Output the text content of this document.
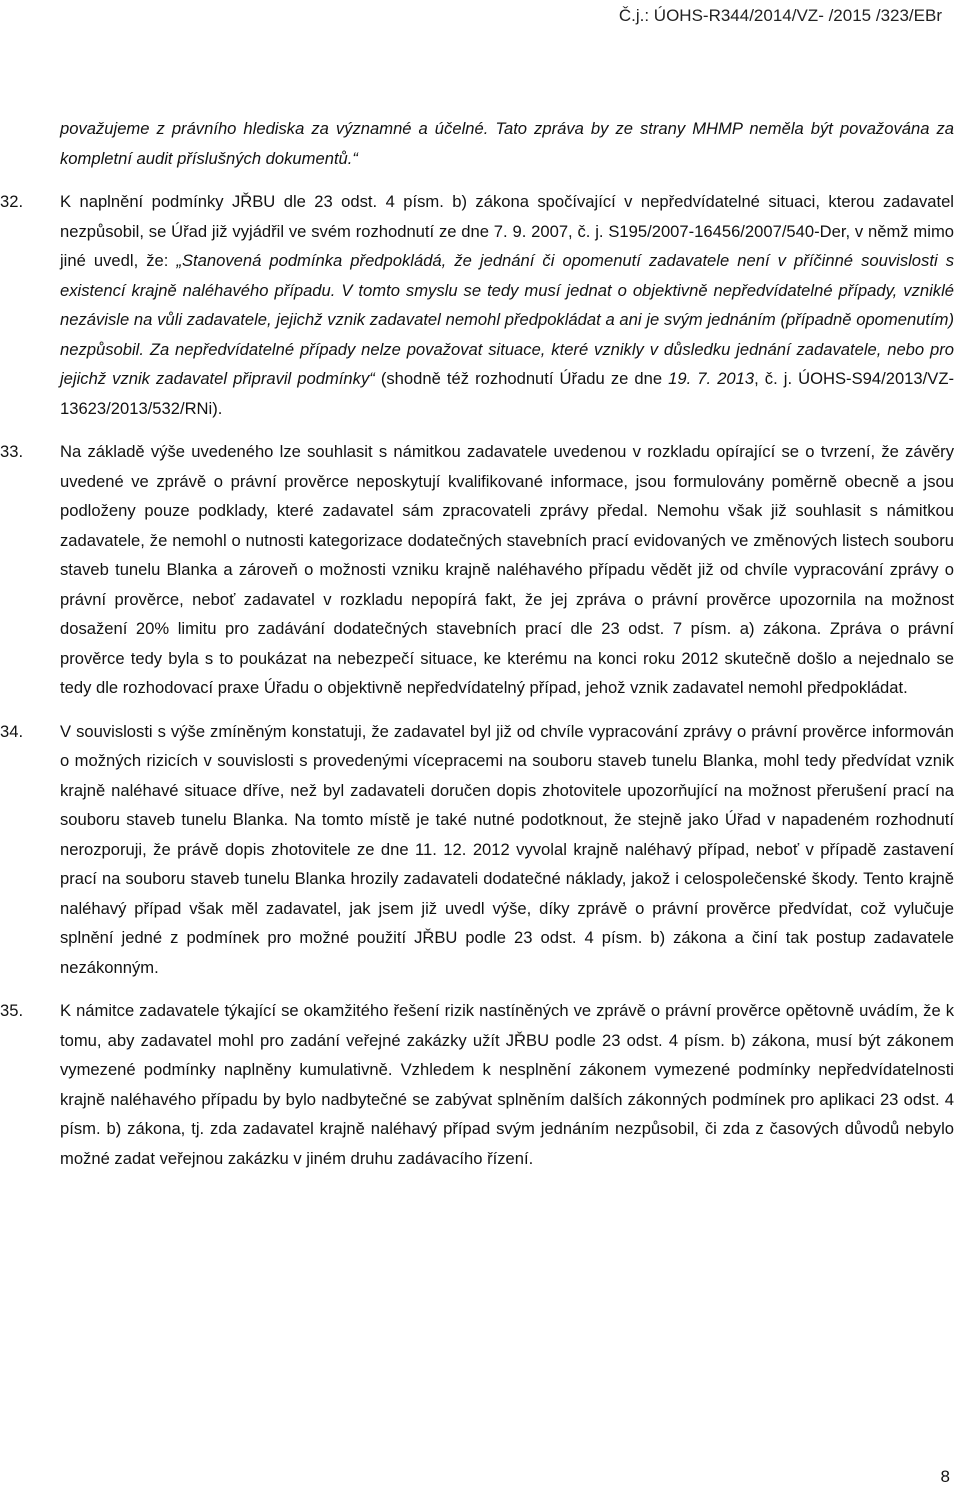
Č.j.: ÚOHS-R344/2014/VZ- /2015 /323/EBr
považujeme z právního hlediska za významné a účelné. Tato zpráva by ze strany MHMP neměla být považována za kompletní audit příslušných dokumentů.“
32.	K naplnění podmínky JŘBU dle 23 odst. 4 písm. b) zákona spočívající v nepředvídatelné situaci, kterou zadavatel nezpůsobil, se Úřad již vyjádřil ve svém rozhodnutí ze dne 7. 9. 2007, č. j. S195/2007-16456/2007/540-Der, v němž mimo jiné uvedl, že: „Stanovená podmínka předpokládá, že jednání či opomenutí zadavatele není v příčinné souvislosti s existencí krajně naléhavého případu. V tomto smyslu se tedy musí jednat o objektivně nepředvídatelné případy, vzniklé nezávisle na vůli zadavatele, jejichž vznik zadavatel nemohl předpokládat a ani je svým jednáním (případně opomenutím) nezpůsobil. Za nepředvídatelné případy nelze považovat situace, které vznikly v důsledku jednání zadavatele, nebo pro jejichž vznik zadavatel připravil podmínky“ (shodně též rozhodnutí Úřadu ze dne 19. 7. 2013, č. j. ÚOHS-S94/2013/VZ-13623/2013/532/RNi).
33.	Na základě výše uvedeného lze souhlasit s námitkou zadavatele uvedenou v rozkladu opírající se o tvrzení, že závěry uvedené ve zprávě o právní prověrce neposkytují kvalifikované informace, jsou formulovány poměrně obecně a jsou podloženy pouze podklady, které zadavatel sám zpracovateli zprávy předal. Nemohu však již souhlasit s námitkou zadavatele, že nemohl o nutnosti kategorizace dodatečných stavebních prací evidovaných ve změnových listech souboru staveb tunelu Blanka a zároveň o možnosti vzniku krajně naléhavého případu vědět již od chvíle vypracování zprávy o právní prověrce, neboť zadavatel v rozkladu nepopírá fakt, že jej zpráva o právní prověrce upozornila na možnost dosažení 20% limitu pro zadávání dodatečných stavebních prací dle 23 odst. 7 písm. a) zákona. Zpráva o právní prověrce tedy byla s to poukázat na nebezpečí situace, ke kterému na konci roku 2012 skutečně došlo a nejednalo se tedy dle rozhodovací praxe Úřadu o objektivně nepředvídatelný případ, jehož vznik zadavatel nemohl předpokládat.
34.	V souvislosti s výše zmíněným konstatuji, že zadavatel byl již od chvíle vypracování zprávy o právní prověrce informován o možných rizicích v souvislosti s provedenými vícepracemi na souboru staveb tunelu Blanka, mohl tedy předvídat vznik krajně naléhavé situace dříve, než byl zadavateli doručen dopis zhotovitele upozorňující na možnost přerušení prací na souboru staveb tunelu Blanka. Na tomto místě je také nutné podotknout, že stejně jako Úřad v napadeném rozhodnutí nerozporuji, že právě dopis zhotovitele ze dne 11. 12. 2012 vyvolal krajně naléhavý případ, neboť v případě zastavení prací na souboru staveb tunelu Blanka hrozily zadavateli dodatečné náklady, jakož i celospolečenské škody. Tento krajně naléhavý případ však měl zadavatel, jak jsem již uvedl výše, díky zprávě o právní prověrce předvídat, což vylučuje splnění jedné z podmínek pro možné použití JŘBU podle 23 odst. 4 písm. b) zákona a činí tak postup zadavatele nezákonným.
35.	K námitce zadavatele týkající se okamžitého řešení rizik nastíněných ve zprávě o právní prověrce opětovně uvádím, že k tomu, aby zadavatel mohl pro zadání veřejné zakázky užít JŘBU podle 23 odst. 4 písm. b) zákona, musí být zákonem vymezené podmínky naplněny kumulativně. Vzhledem k nesplnění zákonem vymezené podmínky nepředvídatelnosti krajně naléhavého případu by bylo nadbytečné se zabývat splněním dalších zákonných podmínek pro aplikaci 23 odst. 4 písm. b) zákona, tj. zda zadavatel krajně naléhavý případ svým jednáním nezpůsobil, či zda z časových důvodů nebylo možné zadat veřejnou zakázku v jiném druhu zadávacího řízení.
8
